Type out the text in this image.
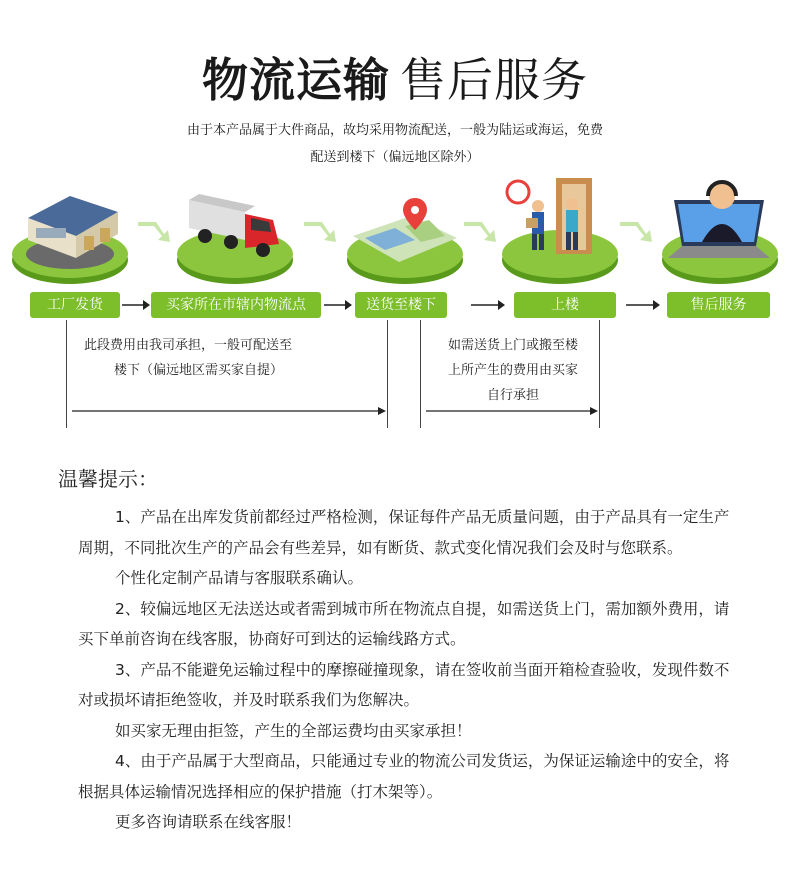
物流运输 售后服务
由于本产品属于大件商品，故均采用物流配送，一般为陆运或海运，免费
配送到楼下（偏远地区除外）
工厂发货	买家所在市辖内物流点	送货至楼下	上楼	售后服务
此段费用由我司承担，一般可配送至
楼下（偏远地区需买家自提）
如需送货上门或搬至楼
上所产生的费用由买家
自行承担
温馨提示：

1、产品在出库发货前都经过严格检测，保证每件产品无质量问题，由于产品具有一定生产周期，不同批次生产的产品会有些差异，如有断货、款式变化情况我们会及时与您联系。

个性化定制产品请与客服联系确认。

2、较偏远地区无法送达或者需到城市所在物流点自提，如需送货上门，需加额外费用，请买下单前咨询在线客服，协商好可到达的运输线路方式。

3、产品不能避免运输过程中的摩擦碰撞现象，请在签收前当面开箱检查验收，发现件数不对或损坏请拒绝签收，并及时联系我们为您解决。

如买家无理由拒签，产生的全部运费均由买家承担！

4、由于产品属于大型商品，只能通过专业的物流公司发货运，为保证运输途中的安全，将根据具体运输情况选择相应的保护措施（打木架等）。

更多咨询请联系在线客服！
